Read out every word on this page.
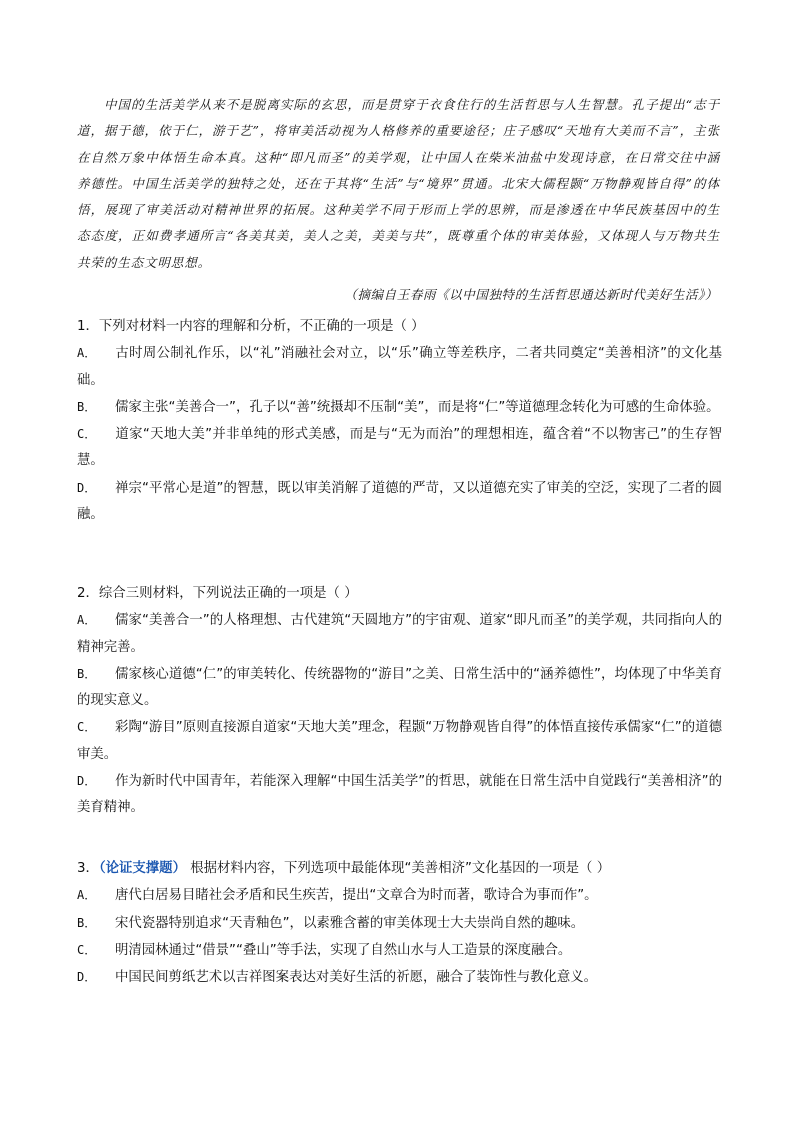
中国的生活美学从来不是脱离实际的玄思，而是贯穿于衣食住行的生活哲思与人生智慧。孔子提出“志于道，据于德，依于仁，游于艺”，将审美活动视为人格修养的重要途径；庄子感叹“天地有大美而不言”，主张在自然万象中体悟生命本真。这种“即凡而圣”的美学观，让中国人在柴米油盐中发现诗意，在日常交往中涵养德性。中国生活美学的独特之处，还在于其将“生活”与“境界”贯通。北宋大儒程颢“万物静观皆自得”的体悟，展现了审美活动对精神世界的拓展。这种美学不同于形而上学的思辨，而是渗透在中华民族基因中的生态态度，正如费孝通所言“各美其美，美人之美，美美与共”，既尊重个体的审美体验，又体现人与万物共生共荣的生态文明思想。

（摘编自王春雨《以中国独特的生活哲思通达新时代美好生活》）

1．下列对材料一内容的理解和分析，不正确的一项是（ ）

A． 古时周公制礼作乐，以“礼”消融社会对立，以“乐”确立等差秩序，二者共同奠定“美善相济”的文化基础。

B． 儒家主张“美善合一”，孔子以“善”统摄却不压制“美”，而是将“仁”等道德理念转化为可感的生命体验。

C． 道家“天地大美”并非单纯的形式美感，而是与“无为而治”的理想相连，蕴含着“不以物害己”的生存智慧。

D． 禅宗“平常心是道”的智慧，既以审美消解了道德的严苛，又以道德充实了审美的空泛，实现了二者的圆融。

2．综合三则材料，下列说法正确的一项是（ ）

A． 儒家“美善合一”的人格理想、古代建筑“天圆地方”的宇宙观、道家“即凡而圣”的美学观，共同指向人的精神完善。

B． 儒家核心道德“仁”的审美转化、传统器物的“游目”之美、日常生活中的“涵养德性”，均体现了中华美育的现实意义。

C． 彩陶“游目”原则直接源自道家“天地大美”理念，程颢“万物静观皆自得”的体悟直接传承儒家“仁”的道德审美。

D． 作为新时代中国青年，若能深入理解“中国生活美学”的哲思，就能在日常生活中自觉践行“美善相济”的美育精神。

3．（论证支撑题） 根据材料内容，下列选项中最能体现“美善相济”文化基因的一项是（ ）

A． 唐代白居易目睹社会矛盾和民生疾苦，提出“文章合为时而著，歌诗合为事而作”。

B． 宋代瓷器特别追求“天青釉色”，以素雅含蓄的审美体现士大夫崇尚自然的趣味。

C． 明清园林通过“借景”“叠山”等手法，实现了自然山水与人工造景的深度融合。

D． 中国民间剪纸艺术以吉祥图案表达对美好生活的祈愿，融合了装饰性与教化意义。
